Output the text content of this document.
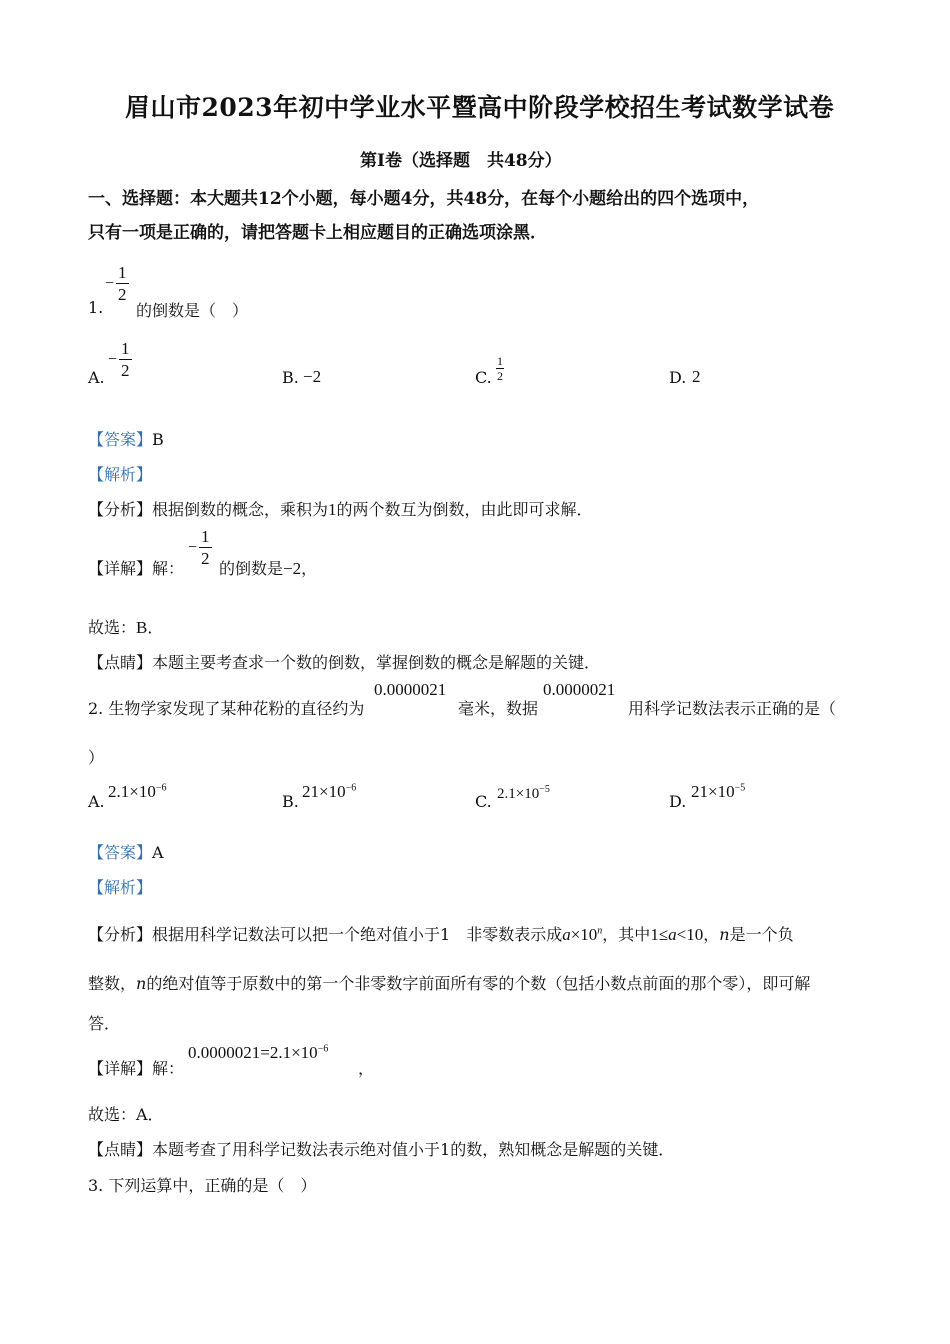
眉山市2023年初中学业水平暨高中阶段学校招生考试数学试卷
第I卷（选择题　共48分）
一、选择题：本大题共12个小题，每小题4分，共48分，在每个小题给出的四个选项中，
只有一项是正确的，请把答题卡上相应题目的正确选项涂黑．
1.
− $\frac{1}{2}$
的倒数是（　）
A.
− $\frac{1}{2}$	B. −2	C. $\frac{1}{2}$	D. 2
【答案】B
【解析】
【分析】根据倒数的概念，乘积为1的两个数互为倒数，由此即可求解．
【详解】解：
− $\frac{1}{2}$
的倒数是−2，
故选：B．
【点睛】本题主要考查求一个数的倒数，掌握倒数的概念是解题的关键．
2. 生物学家发现了某种花粉的直径约为
0.0000021
毫米，数据
0.0000021
用科学记数法表示正确的是（
）
A.
$2.1\times 10^{-6}$
B.
$21\times 10^{-6}$
C. $2.1\times 10^{-5}$
D.
$21\times 10^{-5}$
【答案】A
【解析】
【分析】根据用科学记数法可以把一个绝对值小于1　非零数表示成$a\times 10^n$，其中1≤a<10，n是一个负
整数，n的绝对值等于原数中的第一个非零数字前面所有零的个数（包括小数点前面的那个零），即可解
答．
【详解】解：
$0.0000021=2.1\times 10^{-6}$
，
故选：A．
【点睛】本题考查了用科学记数法表示绝对值小于1的数，熟知概念是解题的关键．
3. 下列运算中，正确的是（　）
